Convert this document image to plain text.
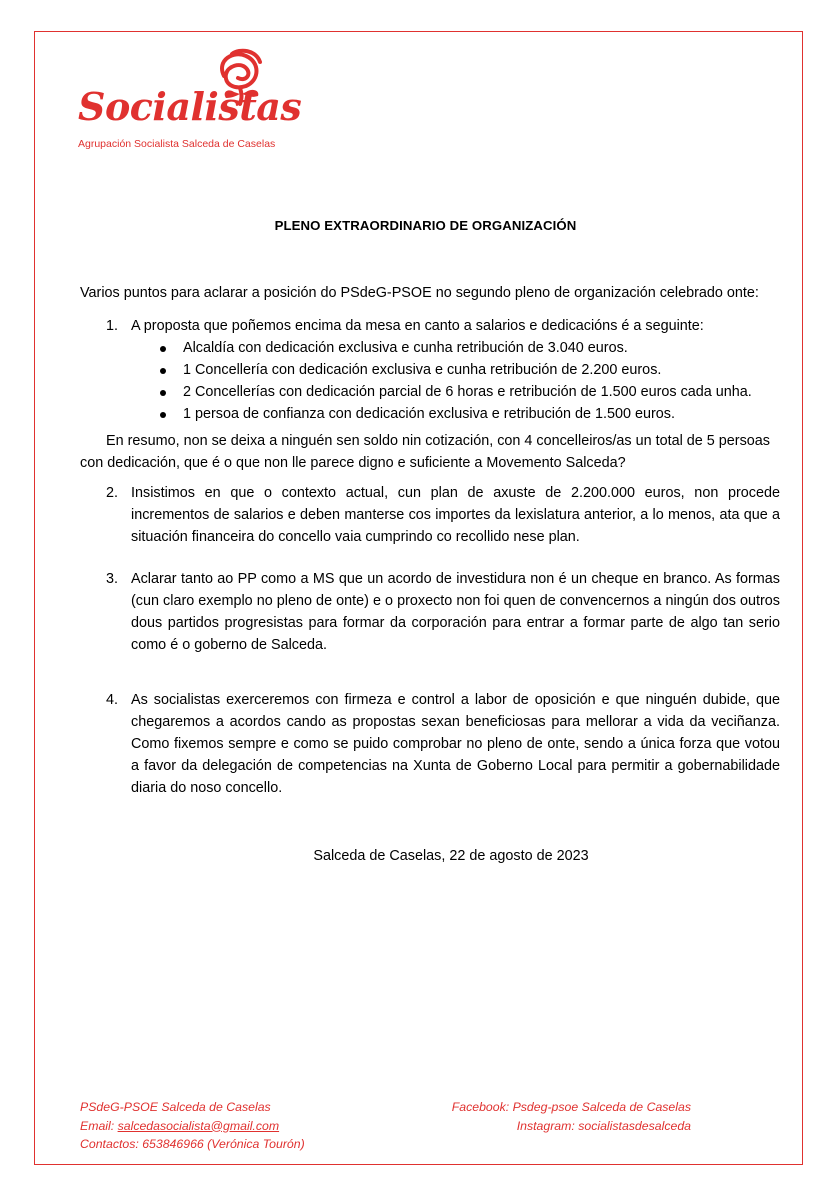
Socialistas
Agrupación Socialista Salceda de Caselas
PLENO EXTRAORDINARIO DE ORGANIZACIÓN
Varios puntos para aclarar a posición do PSdeG-PSOE no segundo pleno de organización celebrado onte:
1. A proposta que poñemos encima da mesa en canto a salarios e dedicacións é a seguinte:
Alcaldía con dedicación exclusiva e cunha retribución de 3.040 euros.
1 Concellería con dedicación exclusiva e cunha retribución de 2.200 euros.
2 Concellerías con dedicación parcial de 6 horas e retribución de 1.500 euros cada unha.
1 persoa de confianza con dedicación exclusiva e retribución de 1.500 euros.
En resumo, non se deixa a ninguén sen soldo nin cotización, con 4 concelleiros/as un total de 5 persoas con dedicación, que é o que non lle parece digno e suficiente a Movemento Salceda?
2. Insistimos en que o contexto actual, cun plan de axuste de 2.200.000 euros, non procede incrementos de salarios e deben manterse cos importes da lexislatura anterior, a lo menos, ata que a situación financeira do concello vaia cumprindo co recollido nese plan.
3. Aclarar tanto ao PP como a MS que un acordo de investidura non é un cheque en branco. As formas (cun claro exemplo no pleno de onte) e o proxecto non foi quen de convencernos a ningún dos outros dous partidos progresistas para formar da corporación para entrar a formar parte de algo tan serio como é o goberno de Salceda.
4. As socialistas exerceremos con firmeza e control a labor de oposición e que ninguén dubide, que chegaremos a acordos cando as propostas sexan beneficiosas para mellorar a vida da veciñanza. Como fixemos sempre e como se puido comprobar no pleno de onte, sendo a única forza que votou a favor da delegación de competencias na Xunta de Goberno Local para permitir a gobernabilidade diaria do noso concello.
Salceda de Caselas, 22 de agosto de 2023
PSdeG-PSOE Salceda de Caselas
Email: salcedasocialista@gmail.com
Contactos: 653846966 (Verónica Tourón)
Facebook: Psdeg-psoe Salceda de Caselas
Instagram: socialistasdesalceda
